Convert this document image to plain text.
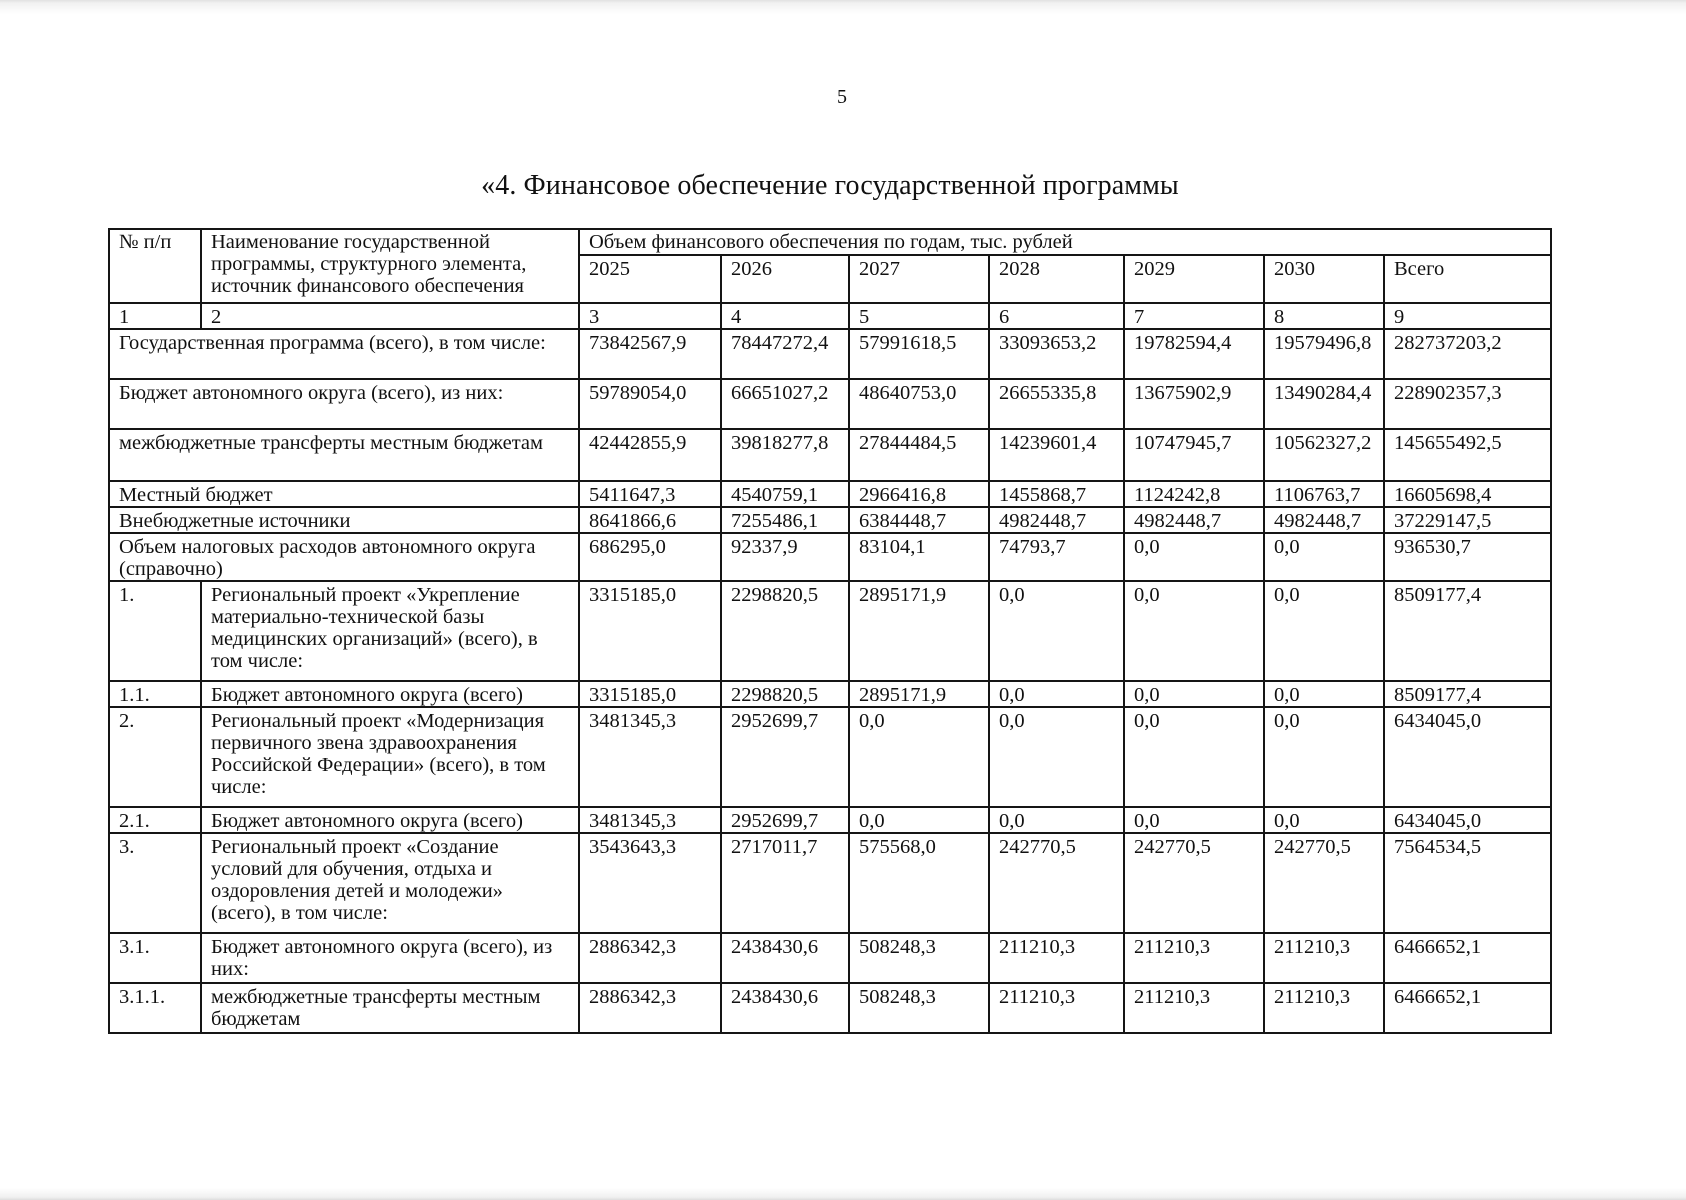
5
«4. Финансовое обеспечение государственной программы
№ п/п	Наименование государственной программы, структурного элемента, источник финансового обеспечения	Объем финансового обеспечения по годам, тыс. рублей						
		2025	2026	2027	2028	2029	2030	Всего
1	2	3	4	5	6	7	8	9
Государственная программа (всего), в том числе:		73842567,9	78447272,4	57991618,5	33093653,2	19782594,4	19579496,8	282737203,2
Бюджет автономного округа (всего), из них:		59789054,0	66651027,2	48640753,0	26655335,8	13675902,9	13490284,4	228902357,3
межбюджетные трансферты местным бюджетам		42442855,9	39818277,8	27844484,5	14239601,4	10747945,7	10562327,2	145655492,5
Местный бюджет		5411647,3	4540759,1	2966416,8	1455868,7	1124242,8	1106763,7	16605698,4
Внебюджетные источники		8641866,6	7255486,1	6384448,7	4982448,7	4982448,7	4982448,7	37229147,5
Объем налоговых расходов автономного округа (справочно)		686295,0	92337,9	83104,1	74793,7	0,0	0,0	936530,7
1.	Региональный проект «Укрепление материально-технической базы медицинских организаций» (всего), в том числе:	3315185,0	2298820,5	2895171,9	0,0	0,0	0,0	8509177,4
1.1.	Бюджет автономного округа (всего)	3315185,0	2298820,5	2895171,9	0,0	0,0	0,0	8509177,4
2.	Региональный проект «Модернизация первичного звена здравоохранения Российской Федерации» (всего), в том числе:	3481345,3	2952699,7	0,0	0,0	0,0	0,0	6434045,0
2.1.	Бюджет автономного округа (всего)	3481345,3	2952699,7	0,0	0,0	0,0	0,0	6434045,0
3.	Региональный проект «Создание условий для обучения, отдыха и оздоровления детей и молодежи» (всего), в том числе:	3543643,3	2717011,7	575568,0	242770,5	242770,5	242770,5	7564534,5
3.1.	Бюджет автономного округа (всего), из них:	2886342,3	2438430,6	508248,3	211210,3	211210,3	211210,3	6466652,1
3.1.1.	межбюджетные трансферты местным бюджетам	2886342,3	2438430,6	508248,3	211210,3	211210,3	211210,3	6466652,1
